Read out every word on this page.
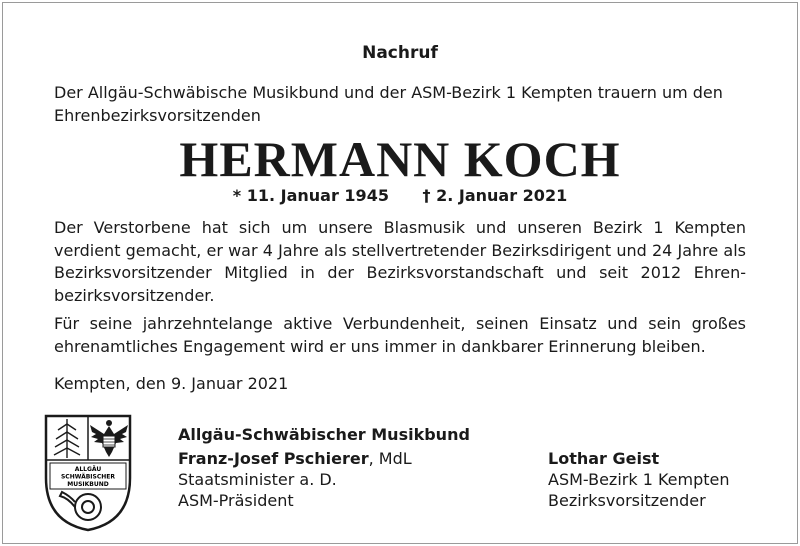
Nachruf
Der Allgäu-Schwäbische Musikbund und der ASM-Bezirk 1 Kempten trauern um den Ehrenbezirksvorsitzenden
HERMANN KOCH
* 11. Januar 1945 † 2. Januar 2021
Der Verstorbene hat sich um unsere Blasmusik und unseren Bezirk 1 Kempten verdient gemacht, er war 4 Jahre als stellvertretender Bezirksdirigent und 24 Jahre als Bezirksvorsitzender Mitglied in der Bezirksvorstandschaft und seit 2012 Ehrenbezirksvorsitzender.
Für seine jahrzehntelange aktive Verbundenheit, seinen Einsatz und sein großes ehrenamtliches Engagement wird er uns immer in dankbarer Erinnerung bleiben.
Kempten, den 9. Januar 2021
ALLGÄU
SCHWÄBISCHER
MUSIKBUND
Allgäu-Schwäbischer Musikbund
Franz-Josef Pschierer, MdL
Staatsminister a. D.
ASM-Präsident
Lothar Geist
ASM-Bezirk 1 Kempten
Bezirksvorsitzender
